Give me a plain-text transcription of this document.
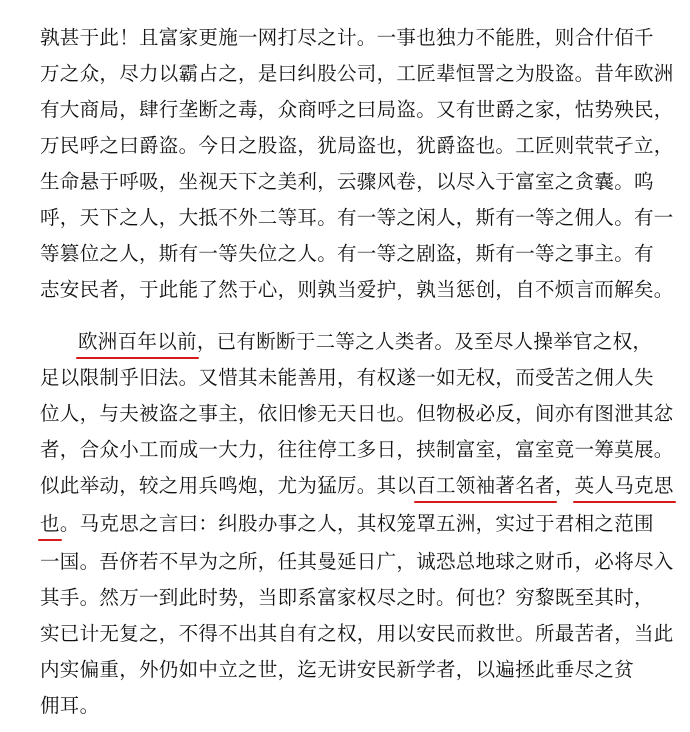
孰甚于此！且富家更施一网打尽之计。一事也独力不能胜，则合什佰千
万之众，尽力以霸占之，是曰纠股公司，工匠辈恒詈之为股盗。昔年欧洲
有大商局，肆行垄断之毒，众商呼之曰局盗。又有世爵之家，怙势殃民，
万民呼之曰爵盗。今日之股盗，犹局盗也，犹爵盗也。工匠则茕茕孑立，
生命悬于呼吸，坐视天下之美利，云骤风卷，以尽入于富室之贪囊。呜
呼，天下之人，大抵不外二等耳。有一等之闲人，斯有一等之佣人。有一
等篡位之人，斯有一等失位之人。有一等之剧盗，斯有一等之事主。有
志安民者，于此能了然于心，则孰当爱护，孰当惩创，自不烦言而解矣。
欧洲百年以前，已有断断于二等之人类者。及至尽人操举官之权，
足以限制乎旧法。又惜其未能善用，有权遂一如无权，而受苦之佣人失
位人，与夫被盗之事主，依旧惨无天日也。但物极必反，间亦有图泄其忿
者，合众小工而成一大力，往往停工多日，挟制富室，富室竟一筹莫展。
似此举动，较之用兵鸣炮，尤为猛厉。其以百工领袖著名者，英人马克思
也。马克思之言曰：纠股办事之人，其权笼罩五洲，实过于君相之范围
一国。吾侪若不早为之所，任其曼延日广，诚恐总地球之财币，必将尽入
其手。然万一到此时势，当即系富家权尽之时。何也？穷黎既至其时，
实已计无复之，不得不出其自有之权，用以安民而救世。所最苦者，当此
内实偏重，外仍如中立之世，迄无讲安民新学者，以遍拯此垂尽之贫
佣耳。
